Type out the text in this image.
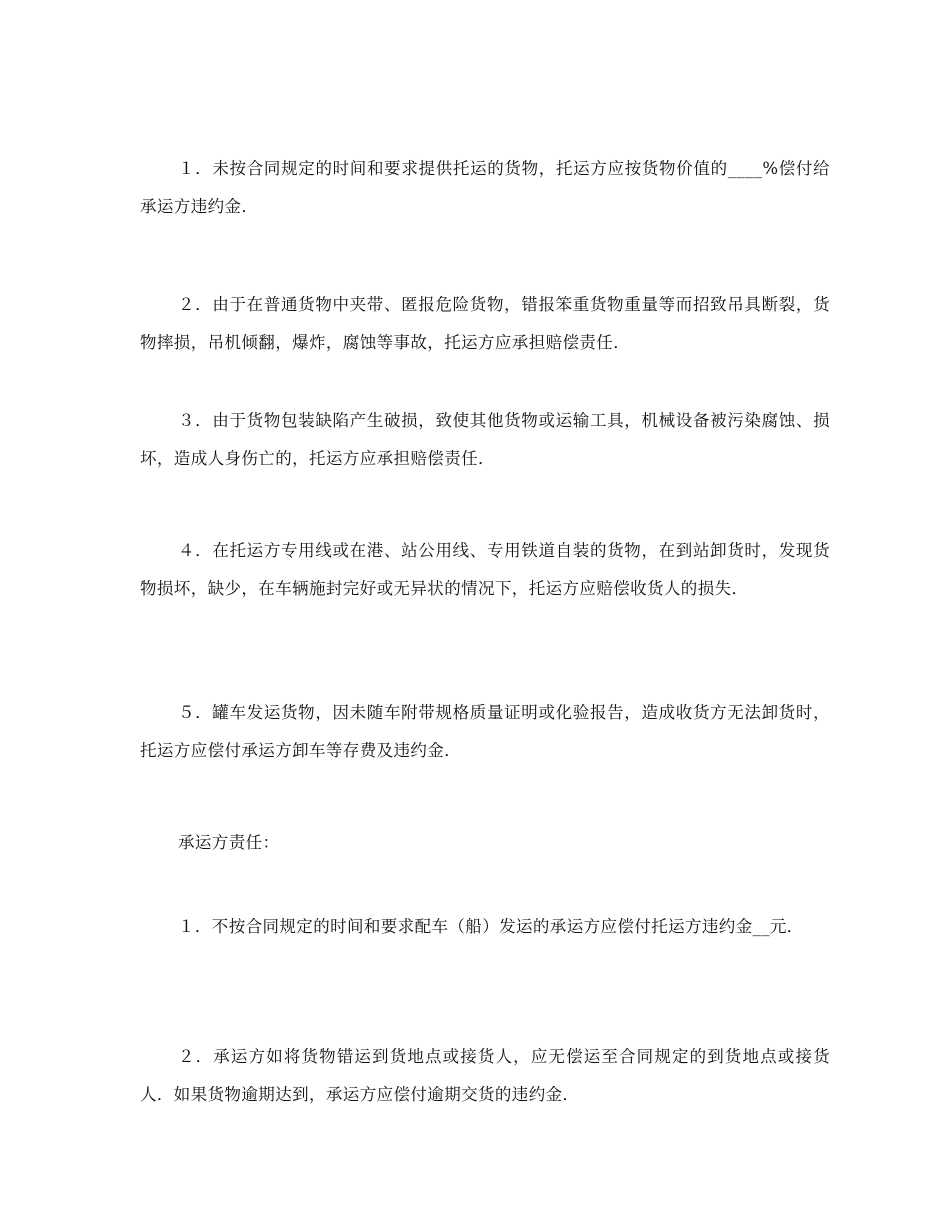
１．未按合同规定的时间和要求提供托运的货物，托运方应按货物价值的____%偿付给承运方违约金．

２．由于在普通货物中夹带、匿报危险货物，错报笨重货物重量等而招致吊具断裂，货物摔损，吊机倾翻，爆炸，腐蚀等事故，托运方应承担赔偿责任．

３．由于货物包装缺陷产生破损，致使其他货物或运输工具，机械设备被污染腐蚀、损坏，造成人身伤亡的，托运方应承担赔偿责任．

４．在托运方专用线或在港、站公用线、专用铁道自装的货物，在到站卸货时，发现货物损坏，缺少，在车辆施封完好或无异状的情况下，托运方应赔偿收货人的损失．

５．罐车发运货物，因未随车附带规格质量证明或化验报告，造成收货方无法卸货时，托运方应偿付承运方卸车等存费及违约金．

承运方责任：

１．不按合同规定的时间和要求配车（船）发运的承运方应偿付托运方违约金__元．

２．承运方如将货物错运到货地点或接货人，应无偿运至合同规定的到货地点或接货人．如果货物逾期达到，承运方应偿付逾期交货的违约金．
